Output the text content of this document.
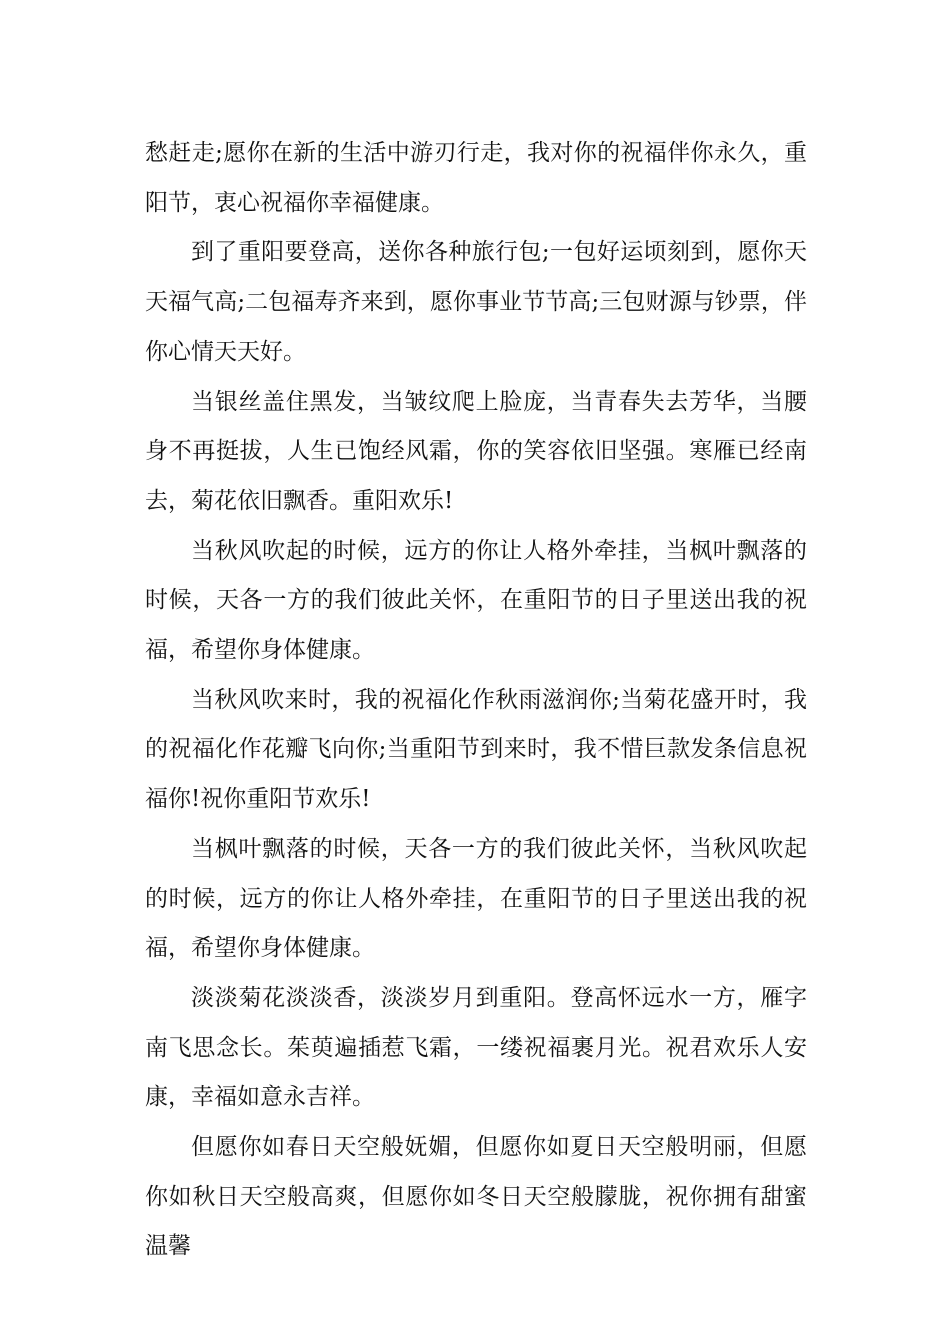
愁赶走;愿你在新的生活中游刃行走，我对你的祝福伴你永久，重阳节，衷心祝福你幸福健康。

到了重阳要登高，送你各种旅行包;一包好运顷刻到，愿你天天福气高;二包福寿齐来到，愿你事业节节高;三包财源与钞票，伴你心情天天好。

当银丝盖住黑发，当皱纹爬上脸庞，当青春失去芳华，当腰身不再挺拔，人生已饱经风霜，你的笑容依旧坚强。寒雁已经南去，菊花依旧飘香。重阳欢乐!

当秋风吹起的时候，远方的你让人格外牵挂，当枫叶飘落的时候，天各一方的我们彼此关怀，在重阳节的日子里送出我的祝福，希望你身体健康。

当秋风吹来时，我的祝福化作秋雨滋润你;当菊花盛开时，我的祝福化作花瓣飞向你;当重阳节到来时，我不惜巨款发条信息祝福你!祝你重阳节欢乐!

当枫叶飘落的时候，天各一方的我们彼此关怀，当秋风吹起的时候，远方的你让人格外牵挂，在重阳节的日子里送出我的祝福，希望你身体健康。

淡淡菊花淡淡香，淡淡岁月到重阳。登高怀远水一方，雁字南飞思念长。茱萸遍插惹飞霜，一缕祝福裹月光。祝君欢乐人安康，幸福如意永吉祥。

但愿你如春日天空般妩媚，但愿你如夏日天空般明丽，但愿你如秋日天空般高爽，但愿你如冬日天空般朦胧，祝你拥有甜蜜温馨
